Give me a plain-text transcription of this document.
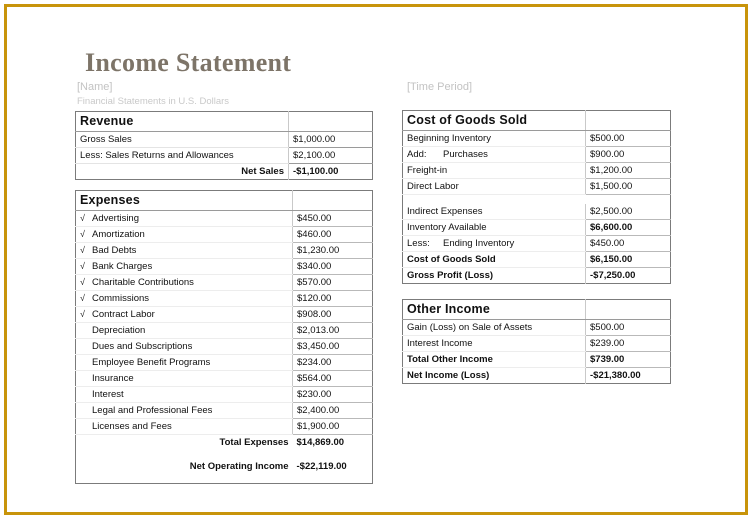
Income Statement
[Name]
Financial Statements in U.S. Dollars
[Time Period]
Revenue	
Gross Sales	$1,000.00
Less: Sales Returns and Allowances	$2,100.00
Net Sales	-$1,100.00
Expenses	
√ Advertising	$450.00
√ Amortization	$460.00
√ Bad Debts	$1,230.00
√ Bank Charges	$340.00
√ Charitable Contributions	$570.00
√ Commissions	$120.00
√ Contract Labor	$908.00
Depreciation	$2,013.00
Dues and Subscriptions	$3,450.00
Employee Benefit Programs	$234.00
Insurance	$564.00
Interest	$230.00
Legal and Professional Fees	$2,400.00
Licenses and Fees	$1,900.00
Total Expenses	$14,869.00

Net Operating Income	-$22,119.00

Cost of Goods Sold	
Beginning Inventory	$500.00
Add: Purchases	$900.00
Freight-in	$1,200.00
Direct Labor	$1,500.00

Indirect Expenses	$2,500.00
Inventory Available	$6,600.00
Less: Ending Inventory	$450.00
Cost of Goods Sold	$6,150.00
Gross Profit (Loss)	-$7,250.00
Other Income	
Gain (Loss) on Sale of Assets	$500.00
Interest Income	$239.00
Total Other Income	$739.00
Net Income (Loss)	-$21,380.00
